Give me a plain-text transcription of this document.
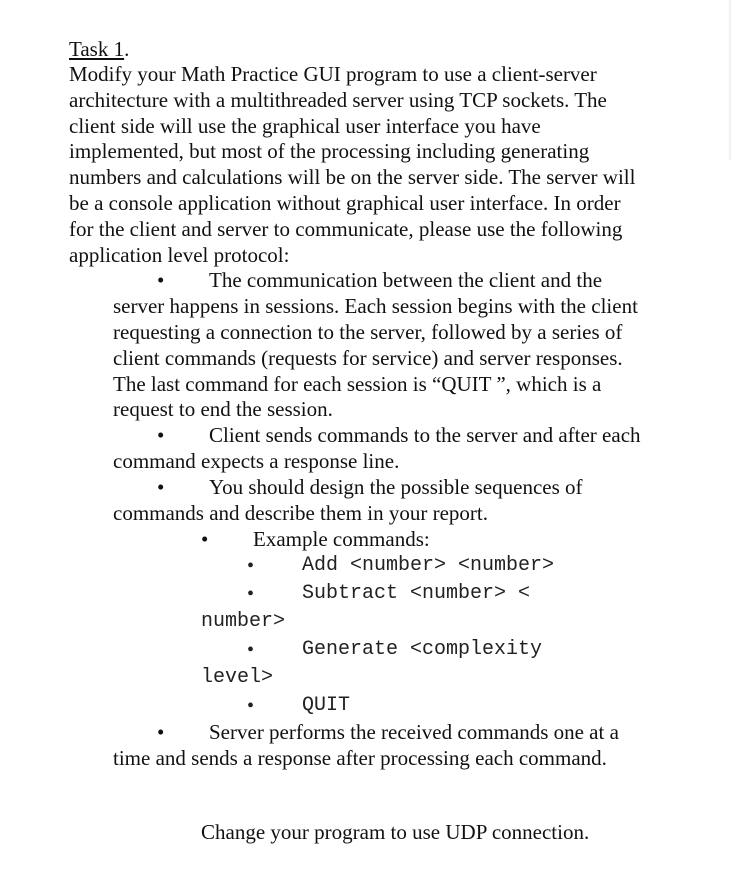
Task 1.

Modify your Math Practice GUI program to use a client-server architecture with a multithreaded server using TCP sockets. The client side will use the graphical user interface you have implemented, but most of the processing including generating numbers and calculations will be on the server side. The server will be a console application without graphical user interface. In order for the client and server to communicate, please use the following application level protocol:

• The communication between the client and the server happens in sessions. Each session begins with the client requesting a connection to the server, followed by a series of client commands (requests for service) and server responses. The last command for each session is “QUIT ”, which is a request to end the session.
• Client sends commands to the server and after each command expects a response line.
• You should design the possible sequences of commands and describe them in your report.
• Example commands:
• Add <number> <number>
• Subtract <number> < number>
• Generate <complexity level>
• QUIT
• Server performs the received commands one at a time and sends a response after processing each command.

Change your program to use UDP connection.
